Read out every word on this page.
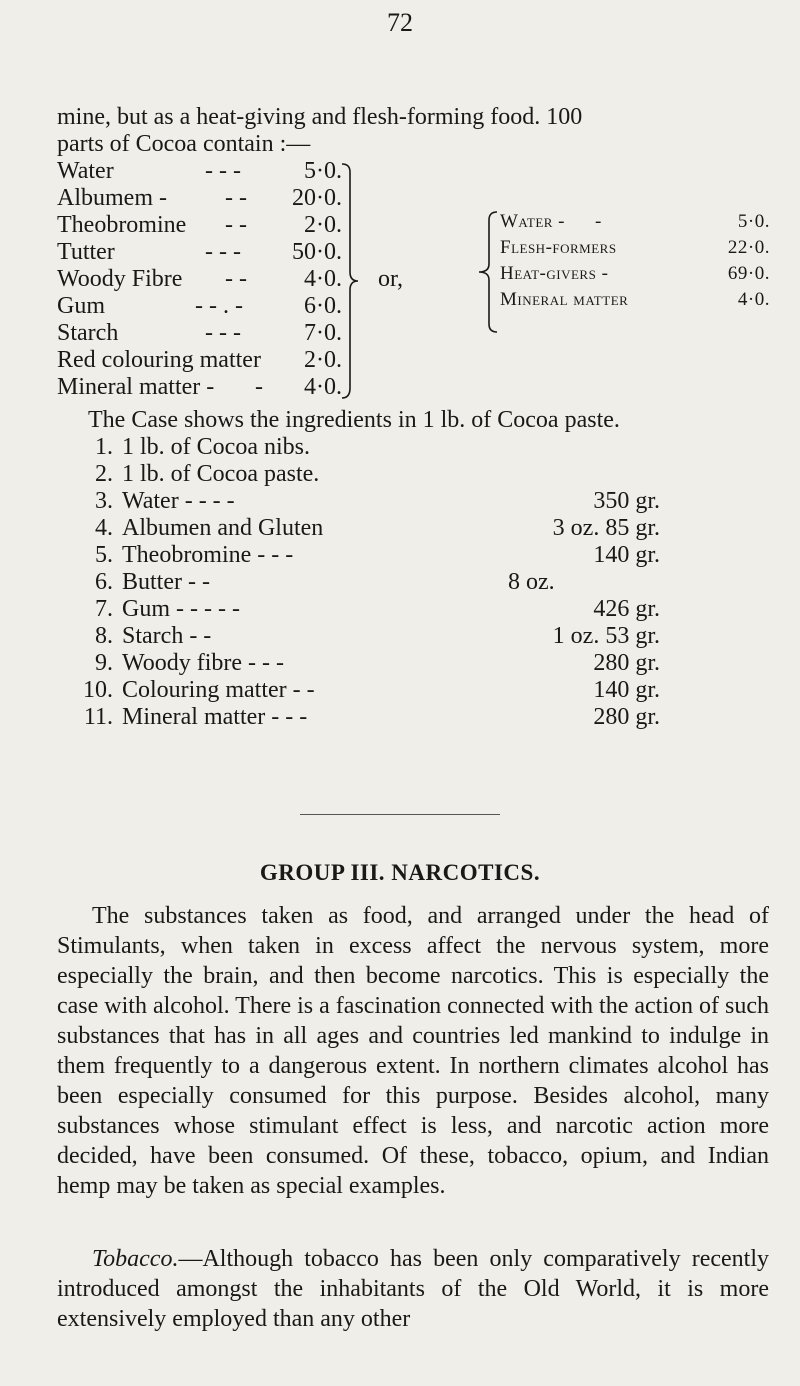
72
mine, but as a heat-giving and flesh-forming food. 100
parts of Cocoa contain :—
Water	- - -	5·0.
Albumem - - -	20·0.
Theobromine - -	2·0.
Tutter	- - -	50·0.
Woody Fibre - -	4·0.
Gum	- - . -	6·0.
Starch	- - -	7·0.
Red colouring matter	2·0.
Mineral matter - -	4·0.
or,
Water - -	5·0.
Flesh-formers	22·0.
Heat-givers -	69·0.
Mineral matter	4·0.
The Case shows the ingredients in 1 lb. of Cocoa paste.
1. 1 lb. of Cocoa nibs.
2. 1 lb. of Cocoa paste.
3. Water - - - -	350 gr.
4. Albumen and Gluten	3 oz. 85 gr.
5. Theobromine - - -	140 gr.
6. Butter - -	8 oz.
7. Gum - - - - -	426 gr.
8. Starch - -	1 oz. 53 gr.
9. Woody fibre - - -	280 gr.
10. Colouring matter - -	140 gr.
11. Mineral matter - - -	280 gr.
GROUP III. NARCOTICS.
The substances taken as food, and arranged under the head of Stimulants, when taken in excess affect the nervous system, more especially the brain, and then become narcotics. This is especially the case with alcohol. There is a fascination connected with the action of such substances that has in all ages and countries led mankind to indulge in them frequently to a dangerous extent. In northern climates alcohol has been especially consumed for this purpose. Besides alcohol, many substances whose stimulant effect is less, and narcotic action more decided, have been consumed. Of these, tobacco, opium, and Indian hemp may be taken as special examples.
Tobacco.—Although tobacco has been only comparatively recently introduced amongst the inhabitants of the Old World, it is more extensively employed than any other
